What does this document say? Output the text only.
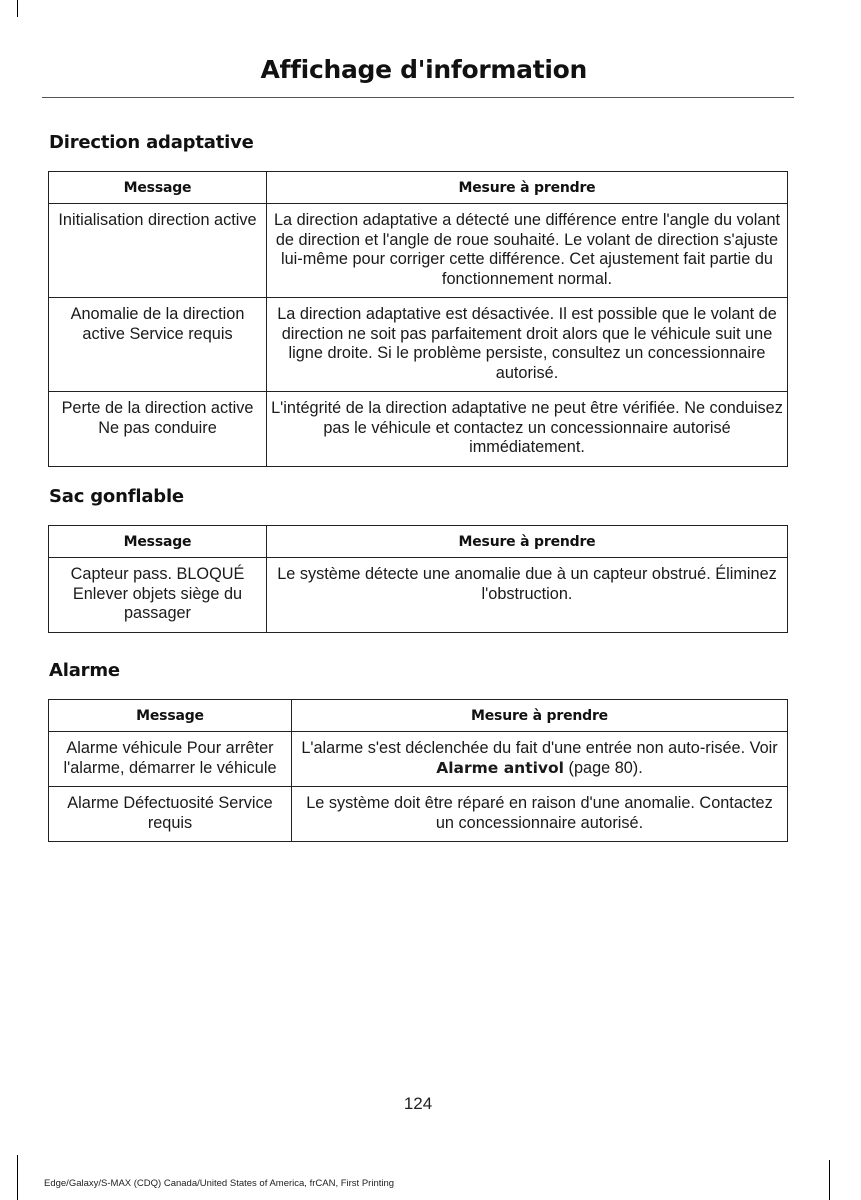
Affichage d'information
Direction adaptative
Message	Mesure à prendre
Initialisation direction active	La direction adaptative a détecté une différence entre l'angle du volant de direction et l'angle de roue souhaité. Le volant de direction s'ajuste lui-même pour corriger cette différence. Cet ajustement fait partie du fonctionnement normal.
Anomalie de la direction active Service requis	La direction adaptative est désactivée. Il est possible que le volant de direction ne soit pas parfaitement droit alors que le véhicule suit une ligne droite. Si le problème persiste, consultez un concessionnaire autorisé.
Perte de la direction active Ne pas conduire	L'intégrité de la direction adaptative ne peut être vérifiée. Ne conduisez pas le véhicule et contactez un concessionnaire autorisé immédiatement.
Sac gonflable
Message	Mesure à prendre
Capteur pass. BLOQUÉ Enlever objets siège du passager	Le système détecte une anomalie due à un capteur obstrué. Éliminez l'obstruction.
Alarme
Message	Mesure à prendre
Alarme véhicule Pour arrêter l'alarme, démarrer le véhicule	L'alarme s'est déclenchée du fait d'une entrée non auto-risée. Voir Alarme antivol (page 80).
Alarme Défectuosité Service requis	Le système doit être réparé en raison d'une anomalie. Contactez un concessionnaire autorisé.
124
Edge/Galaxy/S-MAX (CDQ) Canada/United States of America, frCAN, First Printing
